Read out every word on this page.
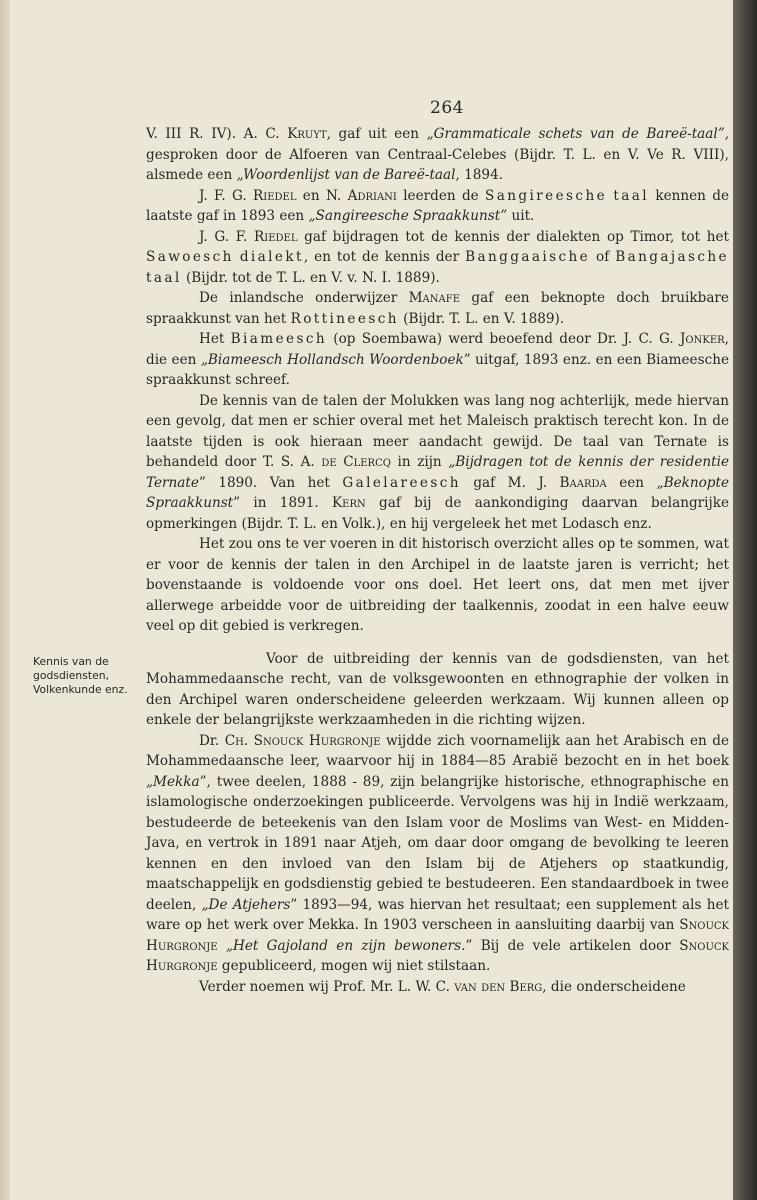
264

V. III R. IV). A. C. Kruyt, gaf uit een „Grammaticale schets van de Bareë-taal”, gesproken door de Alfoeren van Centraal-Celebes (Bijdr. T. L. en V. Ve R. VIII), alsmede een „Woordenlijst van de Bareë-taal, 1894.

J. F. G. Riedel en N. Adriani leerden de Sangireesche taal kennen de laatste gaf in 1893 een „Sangireesche Spraakkunst” uit.

J. G. F. Riedel gaf bijdragen tot de kennis der dialekten op Timor, tot het Sawoesch dialekt, en tot de kennis der Banggaaische of Bangajasche taal (Bijdr. tot de T. L. en V. v. N. I. 1889).

De inlandsche onderwijzer Manafe gaf een beknopte doch bruikbare spraakkunst van het Rottineesch (Bijdr. T. L. en V. 1889).

Het Biameesch (op Soembawa) werd beoefend deor Dr. J. C. G. Jonker, die een „Biameesch Hollandsch Woordenboek” uitgaf, 1893 enz. en een Biameesche spraakkunst schreef.

De kennis van de talen der Molukken was lang nog achterlijk, mede hiervan een gevolg, dat men er schier overal met het Maleisch praktisch terecht kon. In de laatste tijden is ook hieraan meer aandacht gewijd. De taal van Ternate is behandeld door T. S. A. de Clercq in zijn „Bijdragen tot de kennis der residentie Ternate” 1890. Van het Galelareesch gaf M. J. Baarda een „Beknopte Spraakkunst” in 1891. Kern gaf bij de aankondiging daarvan belangrijke opmerkingen (Bijdr. T. L. en Volk.), en hij vergeleek het met Lodasch enz.

Het zou ons te ver voeren in dit historisch overzicht alles op te sommen, wat er voor de kennis der talen in den Archipel in de laatste jaren is verricht; het bovenstaande is voldoende voor ons doel. Het leert ons, dat men met ijver allerwege arbeidde voor de uitbreiding der taalkennis, zoodat in een halve eeuw veel op dit gebied is verkregen.

Kennis van de godsdiensten, Volkenkunde enz.

Voor de uitbreiding der kennis van de godsdiensten, van het Mohammedaansche recht, van de volksgewoonten en ethnographie der volken in den Archipel waren onderscheidene geleerden werkzaam. Wij kunnen alleen op enkele der belangrijkste werkzaamheden in die richting wijzen.

Dr. Ch. Snouck Hurgronje wijdde zich voornamelijk aan het Arabisch en de Mohammedaansche leer, waarvoor hij in 1884—85 Arabië bezocht en in het boek „Mekka”, twee deelen, 1888 - 89, zijn belangrijke historische, ethnographische en islamologische onderzoekingen publiceerde. Vervolgens was hij in Indië werkzaam, bestudeerde de beteekenis van den Islam voor de Moslims van West- en Midden-Java, en vertrok in 1891 naar Atjeh, om daar door omgang de bevolking te leeren kennen en den invloed van den Islam bij de Atjehers op staatkundig, maatschappelijk en godsdienstig gebied te bestudeeren. Een standaardboek in twee deelen, „De Atjehers” 1893—94, was hiervan het resultaat; een supplement als het ware op het werk over Mekka. In 1903 verscheen in aansluiting daarbij van Snouck Hurgronje „Het Gajoland en zijn bewoners.” Bij de vele artikelen door Snouck Hurgronje gepubliceerd, mogen wij niet stilstaan.

Verder noemen wij Prof. Mr. L. W. C. van den Berg, die onderscheidene
